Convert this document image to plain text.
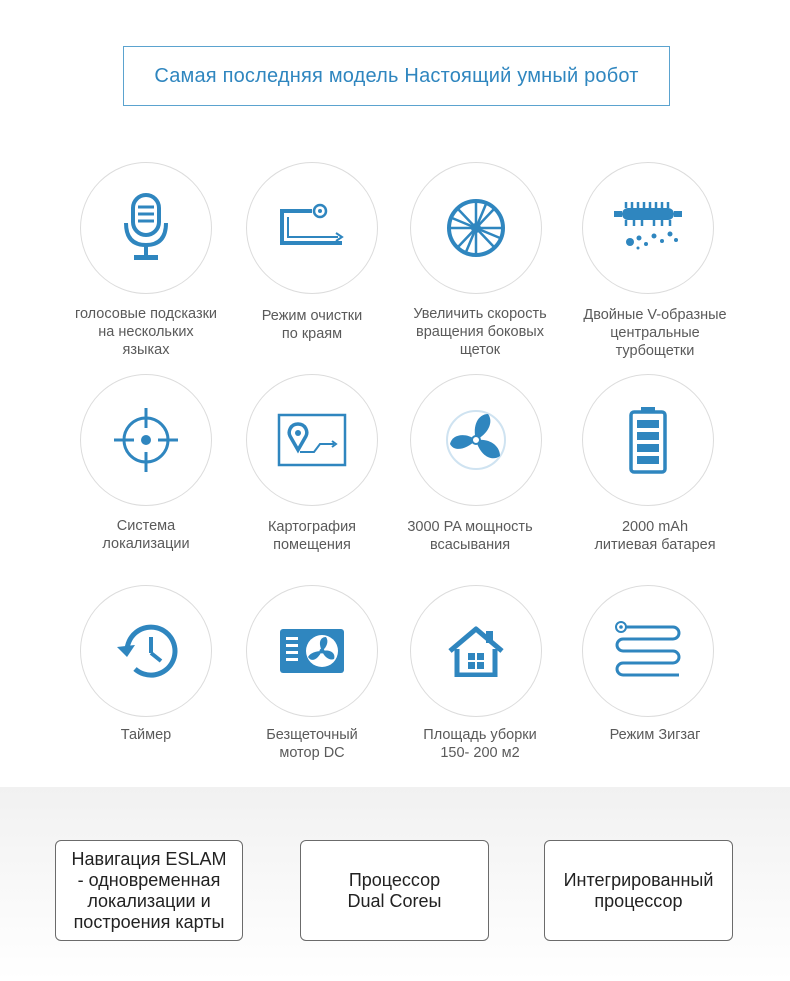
Самая последняя модель Настоящий умный робот
голосовые подсказки
на нескольких
языках
Режим очистки
по краям
Увеличить скорость
вращения боковых
щеток
Двойные V-образные
центральные
турбощетки
Система
локализации
Картография
помещения
3000 PA мощность
всасывания
2000 mAh
литиевая батарея
Таймер	Безщеточный
мотор DC
Площадь уборки
150- 200 м2
Режим Зигзаг
Навигация ESLAM
- одновременная
локализации и
построения карты
Процессор
Dual Coreы
Интегрированный
процессор
